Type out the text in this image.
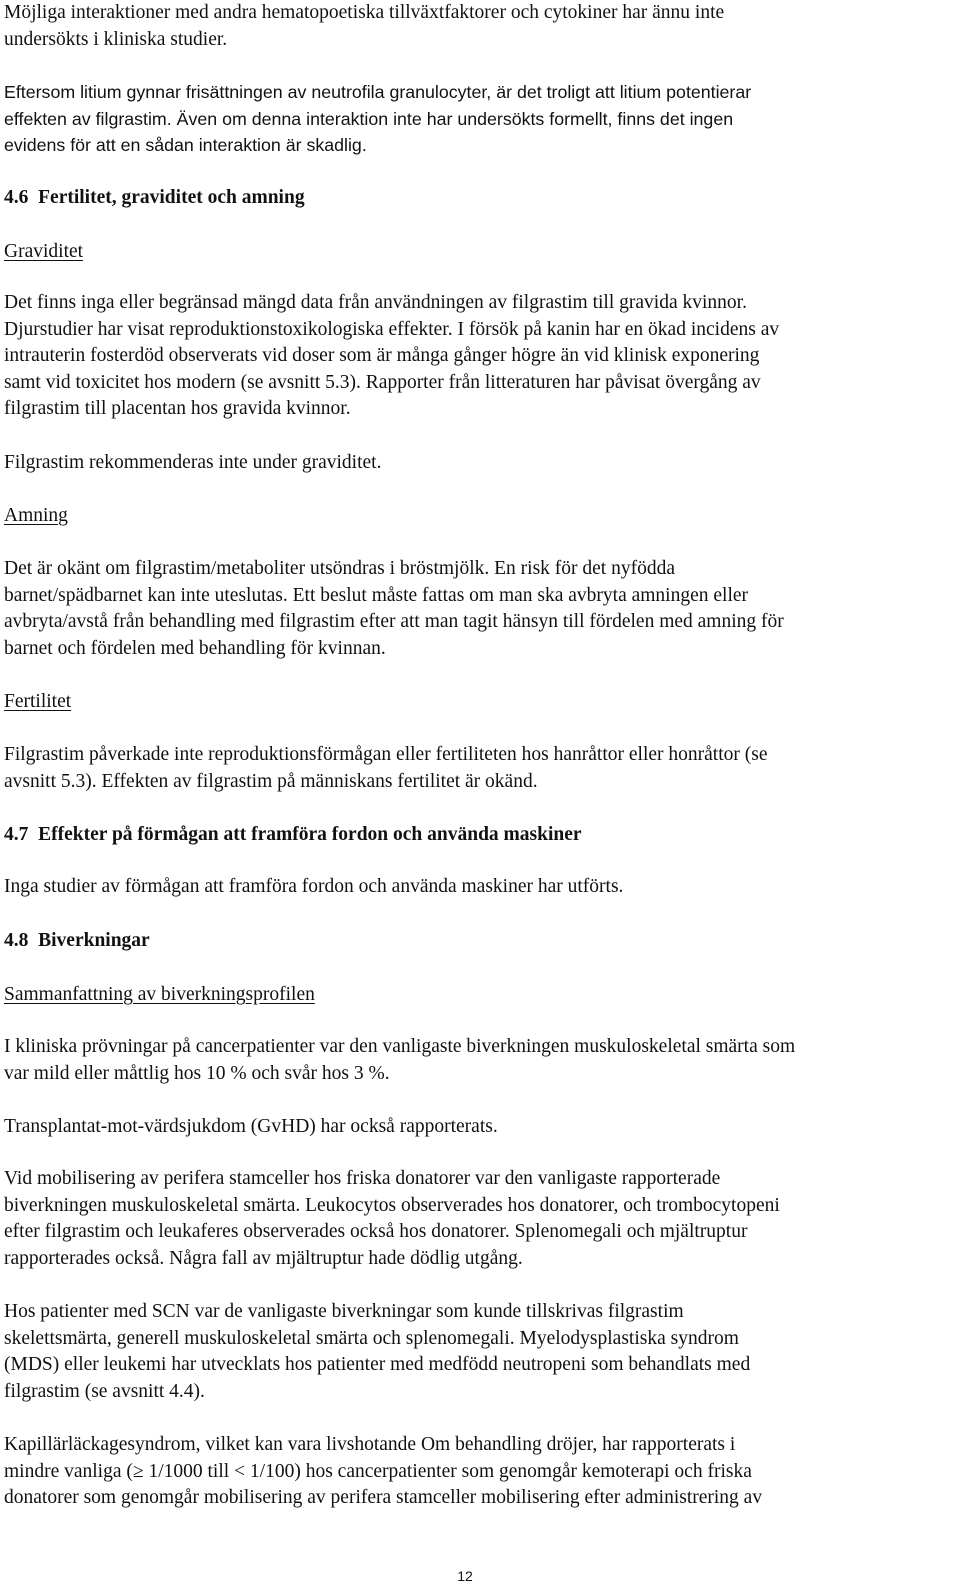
Möjliga interaktioner med andra hematopoetiska tillväxtfaktorer och cytokiner har ännu inte
undersökts i kliniska studier.

Eftersom litium gynnar frisättningen av neutrofila granulocyter, är det troligt att litium potentierar
effekten av filgrastim. Även om denna interaktion inte har undersökts formellt, finns det ingen
evidens för att en sådan interaktion är skadlig.

4.6  Fertilitet, graviditet och amning

Graviditet

Det finns inga eller begränsad mängd data från användningen av filgrastim till gravida kvinnor.
Djurstudier har visat reproduktionstoxikologiska effekter. I försök på kanin har en ökad incidens av
intrauterin fosterdöd observerats vid doser som är många gånger högre än vid klinisk exponering
samt vid toxicitet hos modern (se avsnitt 5.3). Rapporter från litteraturen har påvisat övergång av
filgrastim till placentan hos gravida kvinnor.

Filgrastim rekommenderas inte under graviditet.

Amning

Det är okänt om filgrastim/metaboliter utsöndras i bröstmjölk. En risk för det nyfödda
barnet/spädbarnet kan inte uteslutas. Ett beslut måste fattas om man ska avbryta amningen eller
avbryta/avstå från behandling med filgrastim efter att man tagit hänsyn till fördelen med amning för
barnet och fördelen med behandling för kvinnan.

Fertilitet

Filgrastim påverkade inte reproduktionsförmågan eller fertiliteten hos hanråttor eller honråttor (se
avsnitt 5.3). Effekten av filgrastim på människans fertilitet är okänd.

4.7  Effekter på förmågan att framföra fordon och använda maskiner

Inga studier av förmågan att framföra fordon och använda maskiner har utförts.

4.8  Biverkningar

Sammanfattning av biverkningsprofilen

I kliniska prövningar på cancerpatienter var den vanligaste biverkningen muskuloskeletal smärta som
var mild eller måttlig hos 10 % och svår hos 3 %.

Transplantat-mot-värdsjukdom (GvHD) har också rapporterats.

Vid mobilisering av perifera stamceller hos friska donatorer var den vanligaste rapporterade
biverkningen muskuloskeletal smärta. Leukocytos observerades hos donatorer, och trombocytopeni
efter filgrastim och leukaferes observerades också hos donatorer. Splenomegali och mjältruptur
rapporterades också. Några fall av mjältruptur hade dödlig utgång.

Hos patienter med SCN var de vanligaste biverkningar som kunde tillskrivas filgrastim
skelettsmärta, generell muskuloskeletal smärta och splenomegali. Myelodysplastiska syndrom
(MDS) eller leukemi har utvecklats hos patienter med medfödd neutropeni som behandlats med
filgrastim (se avsnitt 4.4).

Kapillärläckagesyndrom, vilket kan vara livshotande Om behandling dröjer, har rapporterats i
mindre vanliga (≥ 1/1000 till < 1/100) hos cancerpatienter som genomgår kemoterapi och friska
donatorer som genomgår mobilisering av perifera stamceller mobilisering efter administrering av

12
